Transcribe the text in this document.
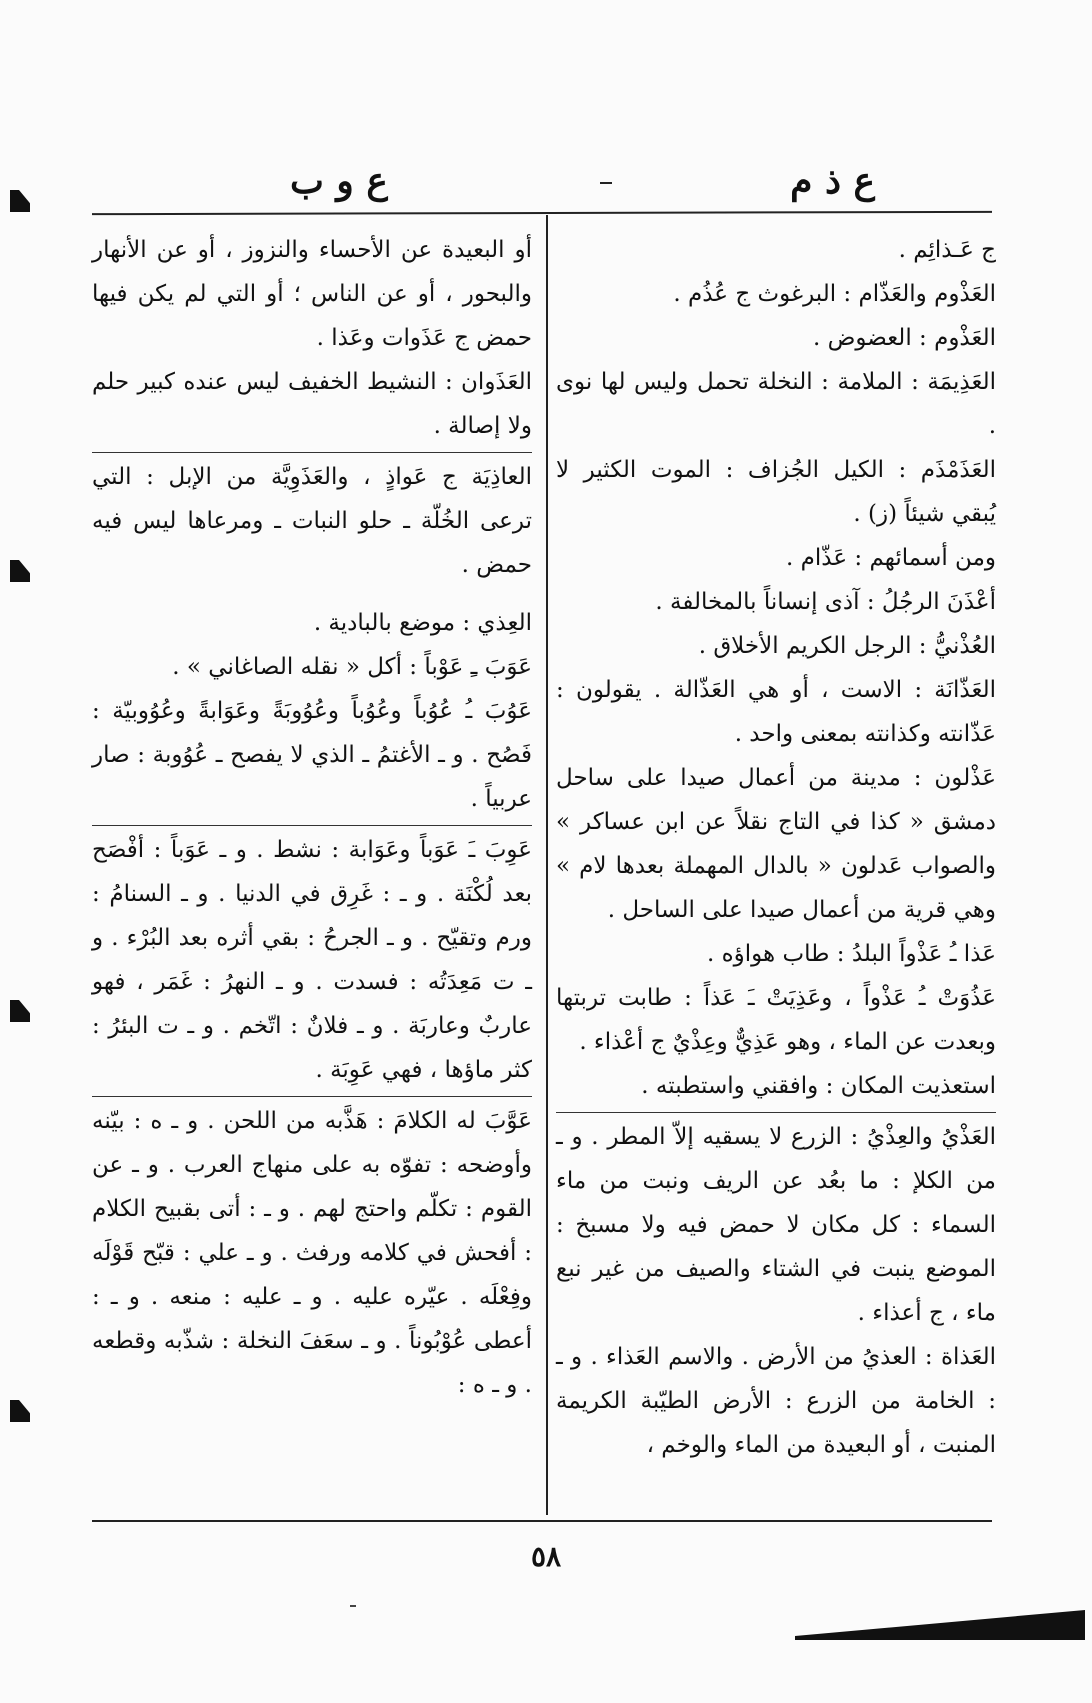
ع ذ م
ع و ب

ج عَـذائِم .

العَذْوم والعَذّام : البرغوث ج عُذُم .

العَذْوم : العضوض .

العَذِيمَة : الملامة : النخلة تحمل وليس لها نوى .

العَذَمْذَم : الكيل الجُزاف : الموت الكثير لا يُبقي شيئاً (ز) .

ومن أسمائهم : عَذّام .

أعْذَنَ الرجُلُ : آذى إنساناً بالمخالفة .

العُذْنيُّ : الرجل الكريم الأخلاق .

العَذّانَة : الاست ، أو هي العَذّالة . يقولون : عَذّانته وكذانته بمعنى واحد .

عَذْلون : مدينة من أعمال صيدا على ساحل دمشق « كذا في التاج نقلاً عن ابن عساكر » والصواب عَدلون « بالدال المهملة بعدها لام » وهي قرية من أعمال صيدا على الساحل .

عَذا ـُ عَذْواً البلدُ : طاب هواؤه .

عَذُوَتْ ـُ عَذْواً ، وعَذِيَتْ ـَ عَذاً : طابت تربتها وبعدت عن الماء ، وهو عَذِيٌّ وعِذْيٌ ج أعْذاء .

استعذيت المكان : وافقني واستطبته .

العَذْيُ والعِذْيُ : الزرع لا يسقيه إلاّ المطر . و ـ من الكلإ : ما بعُد عن الريف ونبت من ماء السماء : كل مكان لا حمض فيه ولا مسبخ : الموضع ينبت في الشتاء والصيف من غير نبع ماء ، ج أعذاء .

العَذاة : العذيُ من الأرض . والاسم العَذاء . و ـ : الخامة من الزرع : الأرض الطيّبة الكريمة المنبت ، أو البعيدة من الماء والوخم ،

أو البعيدة عن الأحساء والنزوز ، أو عن الأنهار والبحور ، أو عن الناس ؛ أو التي لم يكن فيها حمض ج عَذَوات وعَذا .

العَذَوان : النشيط الخفيف ليس عنده كبير حلم ولا إصالة .

العاذِيَة ج عَواذٍ ، والعَذَوِيَّة من الإبل : التي ترعى الخُلّة ـ حلو النبات ـ ومرعاها ليس فيه حمض .

العِذي : موضع بالبادية .

عَوَبَ ـِ عَوْباً : أكل « نقله الصاغاني » .

عَوُبَ ـُ عُوُباً وعُوُباً وعُوُوبَةً وعَوَابةً وعُوُوبيّة : فَصُح . و ـ الأغتمُ ـ الذي لا يفصح ـ عُوُوبة : صار عربياً .

عَوِبَ ـَ عَوَباً وعَوَابة : نشط . و ـ عَوَباً : أفْصَح بعد لُكْنَة . و ـ : غَرِق في الدنيا . و ـ السنامُ : ورم وتقيّح . و ـ الجرحُ : بقي أثره بعد البُرْء . و ـ ت مَعِدَتُه : فسدت . و ـ النهرُ : غَمَر ، فهو عاربٌ وعاربَة . و ـ فلانٌ : اتّخم . و ـ ت البئرُ : كثر ماؤها ، فهي عَوِبَة .

عَوَّبَ له الكلامَ : هَذَّبه من اللحن . و ـ ه : بيّنه وأوضحه : تفوّه به على منهاج العرب . و ـ عن القوم : تكلّم واحتج لهم . و ـ : أتى بقبيح الكلام : أفحش في كلامه ورفث . و ـ علي : قبّح قَوْلَه وفِعْلَه . عيّره عليه . و ـ عليه : منعه . و ـ : أعطى عُوْبُوناً . و ـ سعَفَ النخلة : شذّبه وقطعه . و ـ ه :

٥٨
